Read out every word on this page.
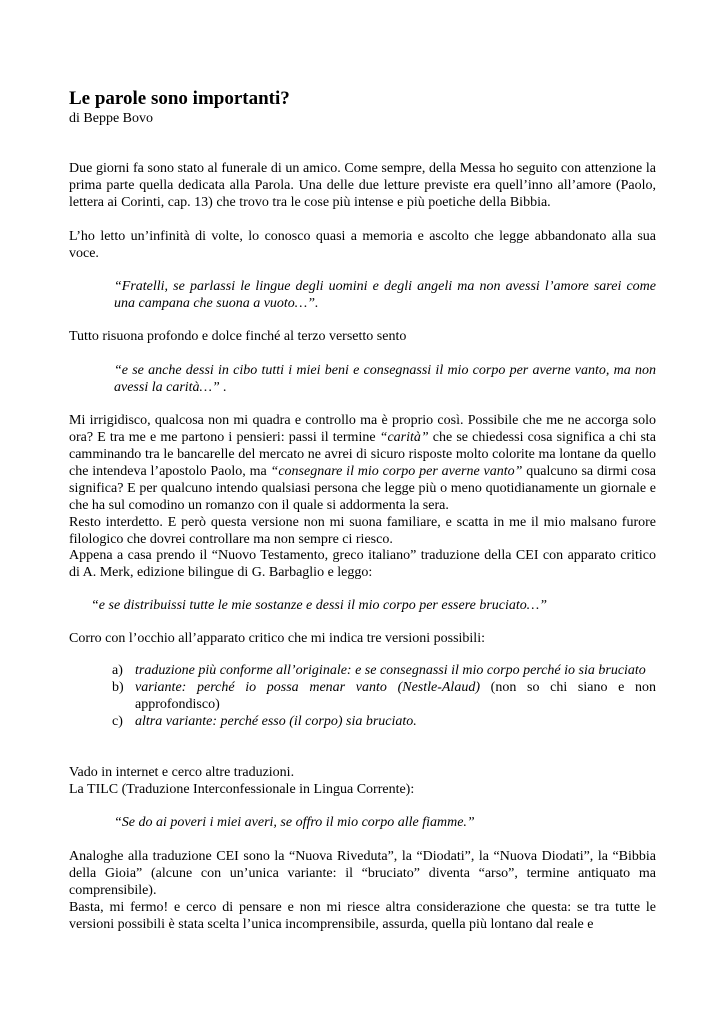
Le parole sono importanti?
di Beppe Bovo

Due giorni fa sono stato al funerale di un amico. Come sempre, della Messa ho seguito con attenzione la prima parte quella dedicata alla Parola. Una delle due letture previste era quell’inno all’amore (Paolo, lettera ai Corinti, cap. 13) che trovo tra le cose più intense e più poetiche della Bibbia.

L’ho letto un’infinità di volte, lo conosco quasi a memoria e ascolto che legge abbandonato alla sua voce.

“Fratelli, se parlassi le lingue degli uomini e degli angeli ma non avessi l’amore sarei come una campana che suona a vuoto…”.

Tutto risuona profondo e dolce finché al terzo versetto sento

“e se anche dessi in cibo tutti i miei beni e consegnassi il mio corpo per averne vanto, ma non avessi la carità…” .

Mi irrigidisco, qualcosa non mi quadra e controllo ma è proprio così. Possibile che me ne accorga solo ora? E tra me e me partono i pensieri: passi il termine “carità” che se chiedessi cosa significa a chi sta camminando tra le bancarelle del mercato ne avrei di sicuro risposte molto colorite ma lontane da quello che intendeva l’apostolo Paolo, ma “consegnare il mio corpo per averne vanto” qualcuno sa dirmi cosa significa? E per qualcuno intendo qualsiasi persona che legge più o meno quotidianamente un giornale e che ha sul comodino un romanzo con il quale si addormenta la sera.

Resto interdetto. E però questa versione non mi suona familiare, e scatta in me il mio malsano furore filologico che dovrei controllare ma non sempre ci riesco.

Appena a casa prendo il “Nuovo Testamento, greco italiano” traduzione della CEI con apparato critico di A. Merk, edizione bilingue di G. Barbaglio e leggo:

“e se distribuissi tutte le mie sostanze e dessi il mio corpo per essere bruciato…”

Corro con l’occhio all’apparato critico che mi indica tre versioni possibili:

a) traduzione più conforme all’originale: e se consegnassi il mio corpo perché io sia bruciato
b) variante: perché io possa menar vanto (Nestle-Alaud) (non so chi siano e non approfondisco)
c) altra variante: perché esso (il corpo) sia bruciato.

Vado in internet e cerco altre traduzioni.

La TILC (Traduzione Interconfessionale in Lingua Corrente):

“Se do ai poveri i miei averi, se offro il mio corpo alle fiamme.”

Analoghe alla traduzione CEI sono la “Nuova Riveduta”, la “Diodati”, la “Nuova Diodati”, la “Bibbia della Gioia” (alcune con un’unica variante: il “bruciato” diventa “arso”, termine antiquato ma comprensibile).

Basta, mi fermo! e cerco di pensare e non mi riesce altra considerazione che questa: se tra tutte le versioni possibili è stata scelta l’unica incomprensibile, assurda, quella più lontano dal reale e
